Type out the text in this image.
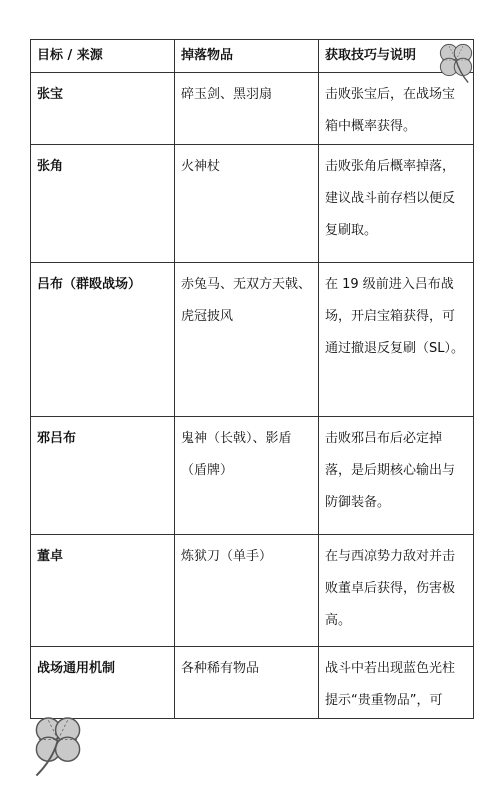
目标 / 来源	掉落物品	获取技巧与说明
张宝	碎玉剑、黑羽扇	击败张宝后，在战场宝箱中概率获得。
张角	火神杖	击败张角后概率掉落，建议战斗前存档以便反复刷取。
吕布（群殴战场）	赤兔马、无双方天戟、虎冠披风	在 19 级前进入吕布战场，开启宝箱获得，可通过撤退反复刷（SL）。
邪吕布	鬼神（长戟）、影盾（盾牌）	击败邪吕布后必定掉落，是后期核心输出与防御装备。
董卓	炼狱刀（单手）	在与西凉势力敌对并击败董卓后获得，伤害极高。
战场通用机制	各种稀有物品	战斗中若出现蓝色光柱提示“贵重物品”，可
